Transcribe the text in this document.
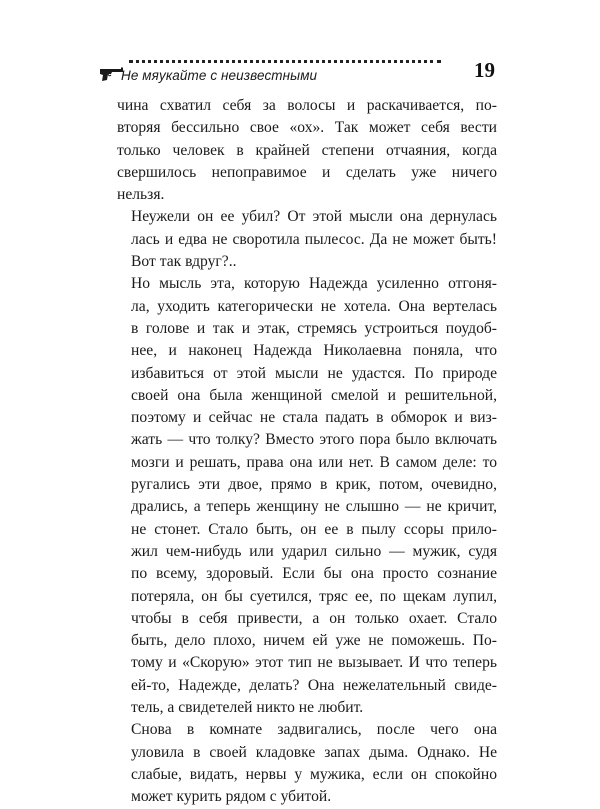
Не мяукайте с неизвестными	19

чина схватил себя за волосы и раскачивается, по-
вторяя бессильно свое «ох». Так может себя вести
только человек в крайней степени отчаяния, когда
свершилось непоправимое и сделать уже ничего
нельзя.

Неужели он ее убил? От этой мысли она дернулась
лась и едва не своротила пылесос. Да не может быть!
Вот так вдруг?..

Но мысль эта, которую Надежда усиленно отгоня-
ла, уходить категорически не хотела. Она вертелась
в голове и так и этак, стремясь устроиться поудоб-
нее, и наконец Надежда Николаевна поняла, что
избавиться от этой мысли не удастся. По природе
своей она была женщиной смелой и решительной,
поэтому и сейчас не стала падать в обморок и виз-
жать — что толку? Вместо этого пора было включать
мозги и решать, права она или нет. В самом деле: то
ругались эти двое, прямо в крик, потом, очевидно,
дрались, а теперь женщину не слышно — не кричит,
не стонет. Стало быть, он ее в пылу ссоры прило-
жил чем-нибудь или ударил сильно — мужик, судя
по всему, здоровый. Если бы она просто сознание
потеряла, он бы суетился, тряс ее, по щекам лупил,
чтобы в себя привести, а он только охает. Стало
быть, дело плохо, ничем ей уже не поможешь. По-
тому и «Скорую» этот тип не вызывает. И что теперь
ей-то, Надежде, делать? Она нежелательный свиде-
тель, а свидетелей никто не любит.

Снова в комнате задвигались, после чего она
уловила в своей кладовке запах дыма. Однако. Не
слабые, видать, нервы у мужика, если он спокойно
может курить рядом с убитой.
